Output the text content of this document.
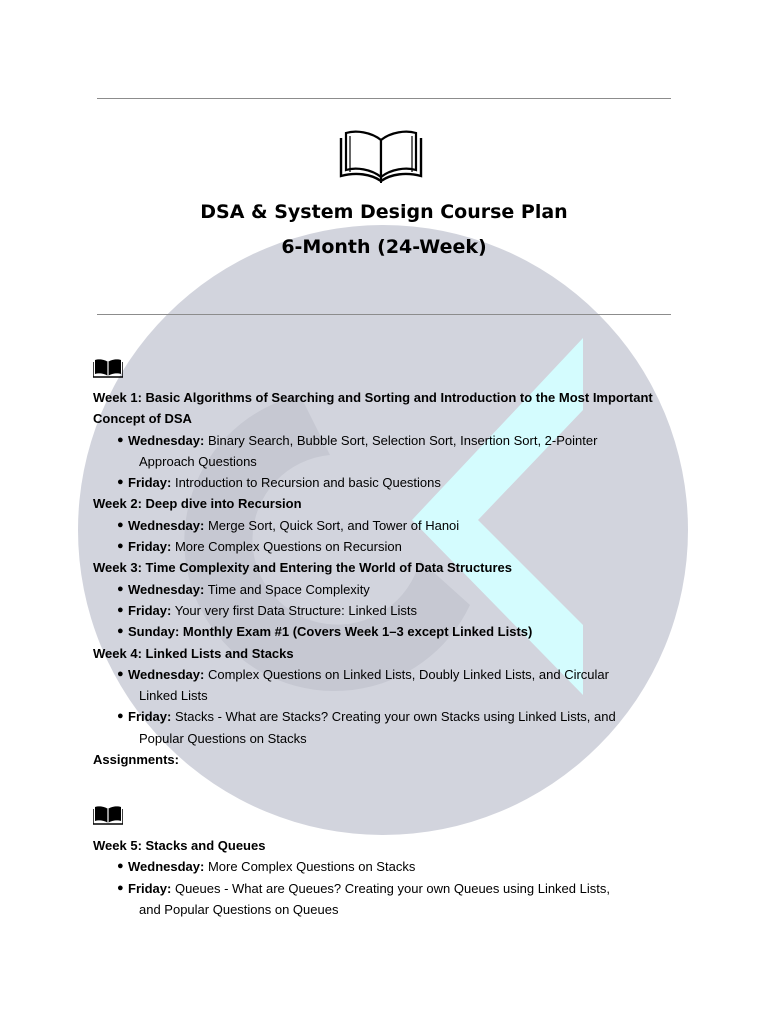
DSA & System Design Course Plan
6-Month (24-Week)
Week 1: Basic Algorithms of Searching and Sorting and Introduction to the Most Important
Concept of DSA
● Wednesday: Binary Search, Bubble Sort, Selection Sort, Insertion Sort, 2-Pointer
Approach Questions
● Friday: Introduction to Recursion and basic Questions
Week 2: Deep dive into Recursion
● Wednesday: Merge Sort, Quick Sort, and Tower of Hanoi
● Friday: More Complex Questions on Recursion
Week 3: Time Complexity and Entering the World of Data Structures
● Wednesday: Time and Space Complexity
● Friday: Your very first Data Structure: Linked Lists
● Sunday: Monthly Exam #1 (Covers Week 1–3 except Linked Lists)
Week 4: Linked Lists and Stacks
● Wednesday: Complex Questions on Linked Lists, Doubly Linked Lists, and Circular
Linked Lists
● Friday: Stacks - What are Stacks? Creating your own Stacks using Linked Lists, and
Popular Questions on Stacks
Assignments:
Week 5: Stacks and Queues
● Wednesday: More Complex Questions on Stacks
● Friday: Queues - What are Queues? Creating your own Queues using Linked Lists,
and Popular Questions on Queues
